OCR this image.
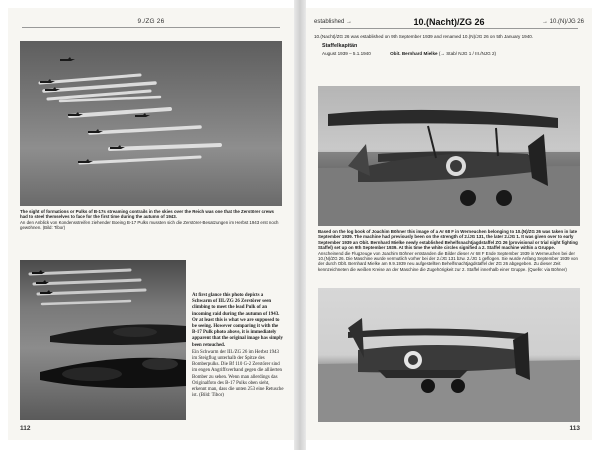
9./ZG 26
The sight of formations or Pulks of B-17s streaming contrails in the skies over the Reich was one that the Zerstörer crews had to steel themselves to face for the first time during the autumn of 1943.
An den Anblick von Kondensstreifen ziehender Boeing B-17 Pulks mussten sich die Zerstörer-Besatzungen im Herbst 1943 erst noch gewöhnen. (Bild: Tibor)
At first glance this photo depicts a Schwarm of III./ZG 26 Zerstörer seen climbing to meet the lead Pulk of an incoming raid during the autumn of 1943. Or at least this is what we are supposed to be seeing. However comparing it with the B-17 Pulk photo above, it is immediately apparent that the original image has simply been retouched.
Ein Schwarm der III./ZG 26 im Herbst 1943 im Steigflug unterhalb der Spitze des Bomberpulks. Die Bf 110 G-2 Zerstörer sind im engen Angriffsverband gegen die alliierten Bomber zu sehen. Wenn man allerdings das Originalfoto des B-17 Pulks oben sieht, erkennt man, dass die unten 253 eine Retusche ist. (Bild: Tibor)
112
established →	10.(Nacht)/ZG 26	→ 10.(N)/JG 26
10.(Nacht)/ZG 26 was established on 9th September 1939 and renamed 10.(N)/JG 26 on 5th January 1940.
Staffelkapitän
August 1939 – 5.1.1940	Obit. Bernhard Mielke (→ Stab/ NJG 1 / III./NJG 2)
Based on the log book of Joachim Böhner this image of a Ar 68 F in Werneuchen belonging to 10.(N)/ZG 26 was taken in late September 1939. The machine had previously been on the strength of 2./JG 131, the later 2./JG 1. It was given over to early September 1939 an Obit. Bernhard Mielke newly established Behelfsnachtjagdstaffel ZG 26 (provisional or trial night fighting Staffel) set up on 9th September 1939. At this time the white circles signified a 2. Staffel machine within a Gruppe.
Anscheinend die Flugzeuge von Joachim Böhner entstanden die Bilder dieser Ar 68 F Ende September 1939 in Werneuchen bei der 10.(N)/ZG 26. Die Maschine wurde vermutlich vorher bei der 2./JG 131 bzw. 2./JG 1 geflogen. Sie wurde Anfang September 1939 von der durch Oblt. Bernhard Mielke am 9.9.1939 neu aufgestellten Behelfsnachtjagdstaffel der ZG 26 abgegeben. Zu dieser Zeit kennzeichneten die weißen Kreise an der Maschine die Zugehörigkeit zur 2. Staffel innerhalb einer Gruppe. (Quelle: via Böhner)
113
